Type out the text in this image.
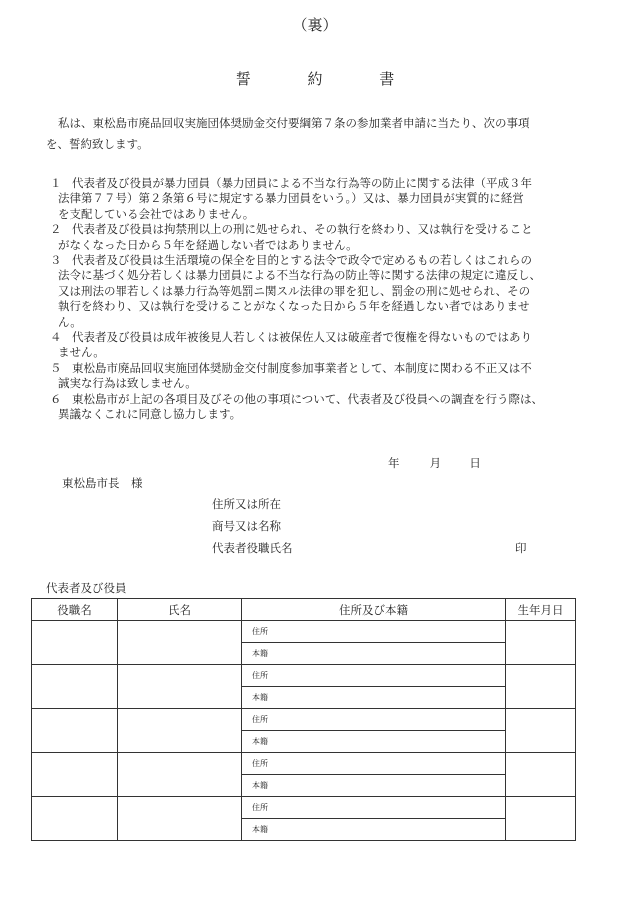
（裏）
誓 約 書
私は、東松島市廃品回収実施団体奨励金交付要綱第７条の参加業者申請に当たり、次の事項
を、誓約致します。
１ 代表者及び役員が暴力団員（暴力団員による不当な行為等の防止に関する法律（平成３年
法律第７７号）第２条第６号に規定する暴力団員をいう。）又は、暴力団員が実質的に経営
を支配している会社ではありません。
２ 代表者及び役員は拘禁刑以上の刑に処せられ、その執行を終わり、又は執行を受けること
がなくなった日から５年を経過しない者ではありません。
３ 代表者及び役員は生活環境の保全を目的とする法令で政令で定めるもの若しくはこれらの
法令に基づく処分若しくは暴力団員による不当な行為の防止等に関する法律の規定に違反し、
又は刑法の罪若しくは暴力行為等処罰ニ関スル法律の罪を犯し、罰金の刑に処せられ、その
執行を終わり、又は執行を受けることがなくなった日から５年を経過しない者ではありませ
ん。
４ 代表者及び役員は成年被後見人若しくは被保佐人又は破産者で復権を得ないものではあり
ません。
５ 東松島市廃品回収実施団体奨励金交付制度参加事業者として、本制度に関わる不正又は不
誠実な行為は致しません。
６ 東松島市が上記の各項目及びその他の事項について、代表者及び役員への調査を行う際は、
異議なくこれに同意し協力します。
年	月 日
東松島市長　様
住所又は所在
商号又は名称
代表者役職氏名	印
代表者及び役員
役職名	氏名	住所及び本籍	生年月日
		住所	
		本籍	
		住所	
		本籍	
		住所	
		本籍	
		住所	
		本籍	
		住所	
		本籍	
